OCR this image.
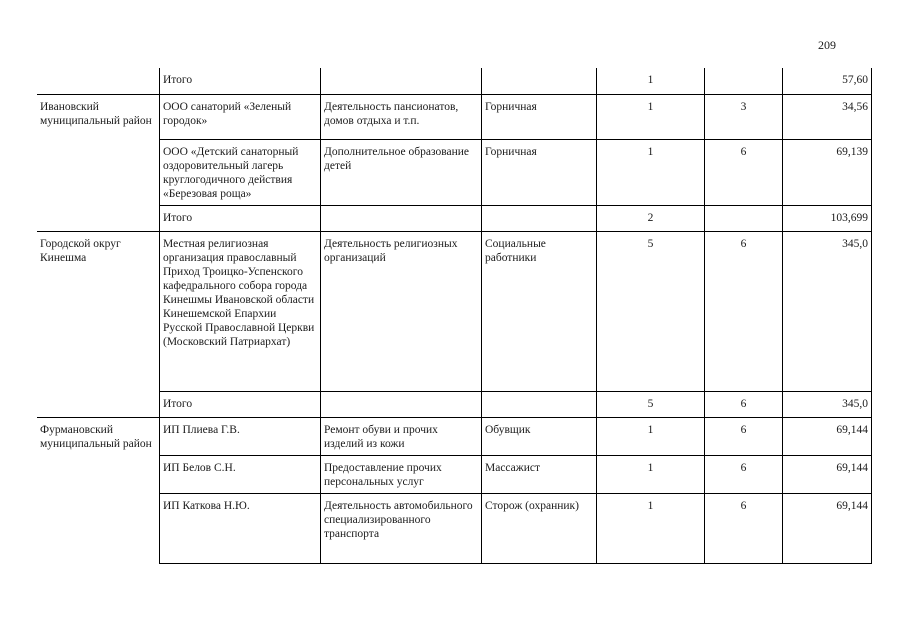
209
	Итого			1		57,60
Ивановский муниципальный район	ООО санаторий «Зеленый городок»	Деятельность пансионатов, домов отдыха и т.п.	Горничная	1	3	34,56
	ООО «Детский санаторный оздоровительный лагерь круглогодичного действия «Березовая роща»	Дополнительное образование детей	Горничная	1	6	69,139
	Итого			2		103,699
Городской округ Кинешма	Местная религиозная организация православный Приход Троицко-Успенского кафедрального собора города Кинешмы Ивановской области Кинешемской Епархии Русской Православной Церкви (Московский Патриархат)	Деятельность религиозных организаций	Социальные работники	5	6	345,0
	Итого			5	6	345,0
Фурмановский муниципальный район	ИП Плиева Г.В.	Ремонт обуви и прочих изделий из кожи	Обувщик	1	6	69,144
	ИП Белов С.Н.	Предоставление прочих персональных услуг	Массажист	1	6	69,144
	ИП Каткова Н.Ю.	Деятельность автомобильного специализированного транспорта	Сторож (охранник)	1	6	69,144
